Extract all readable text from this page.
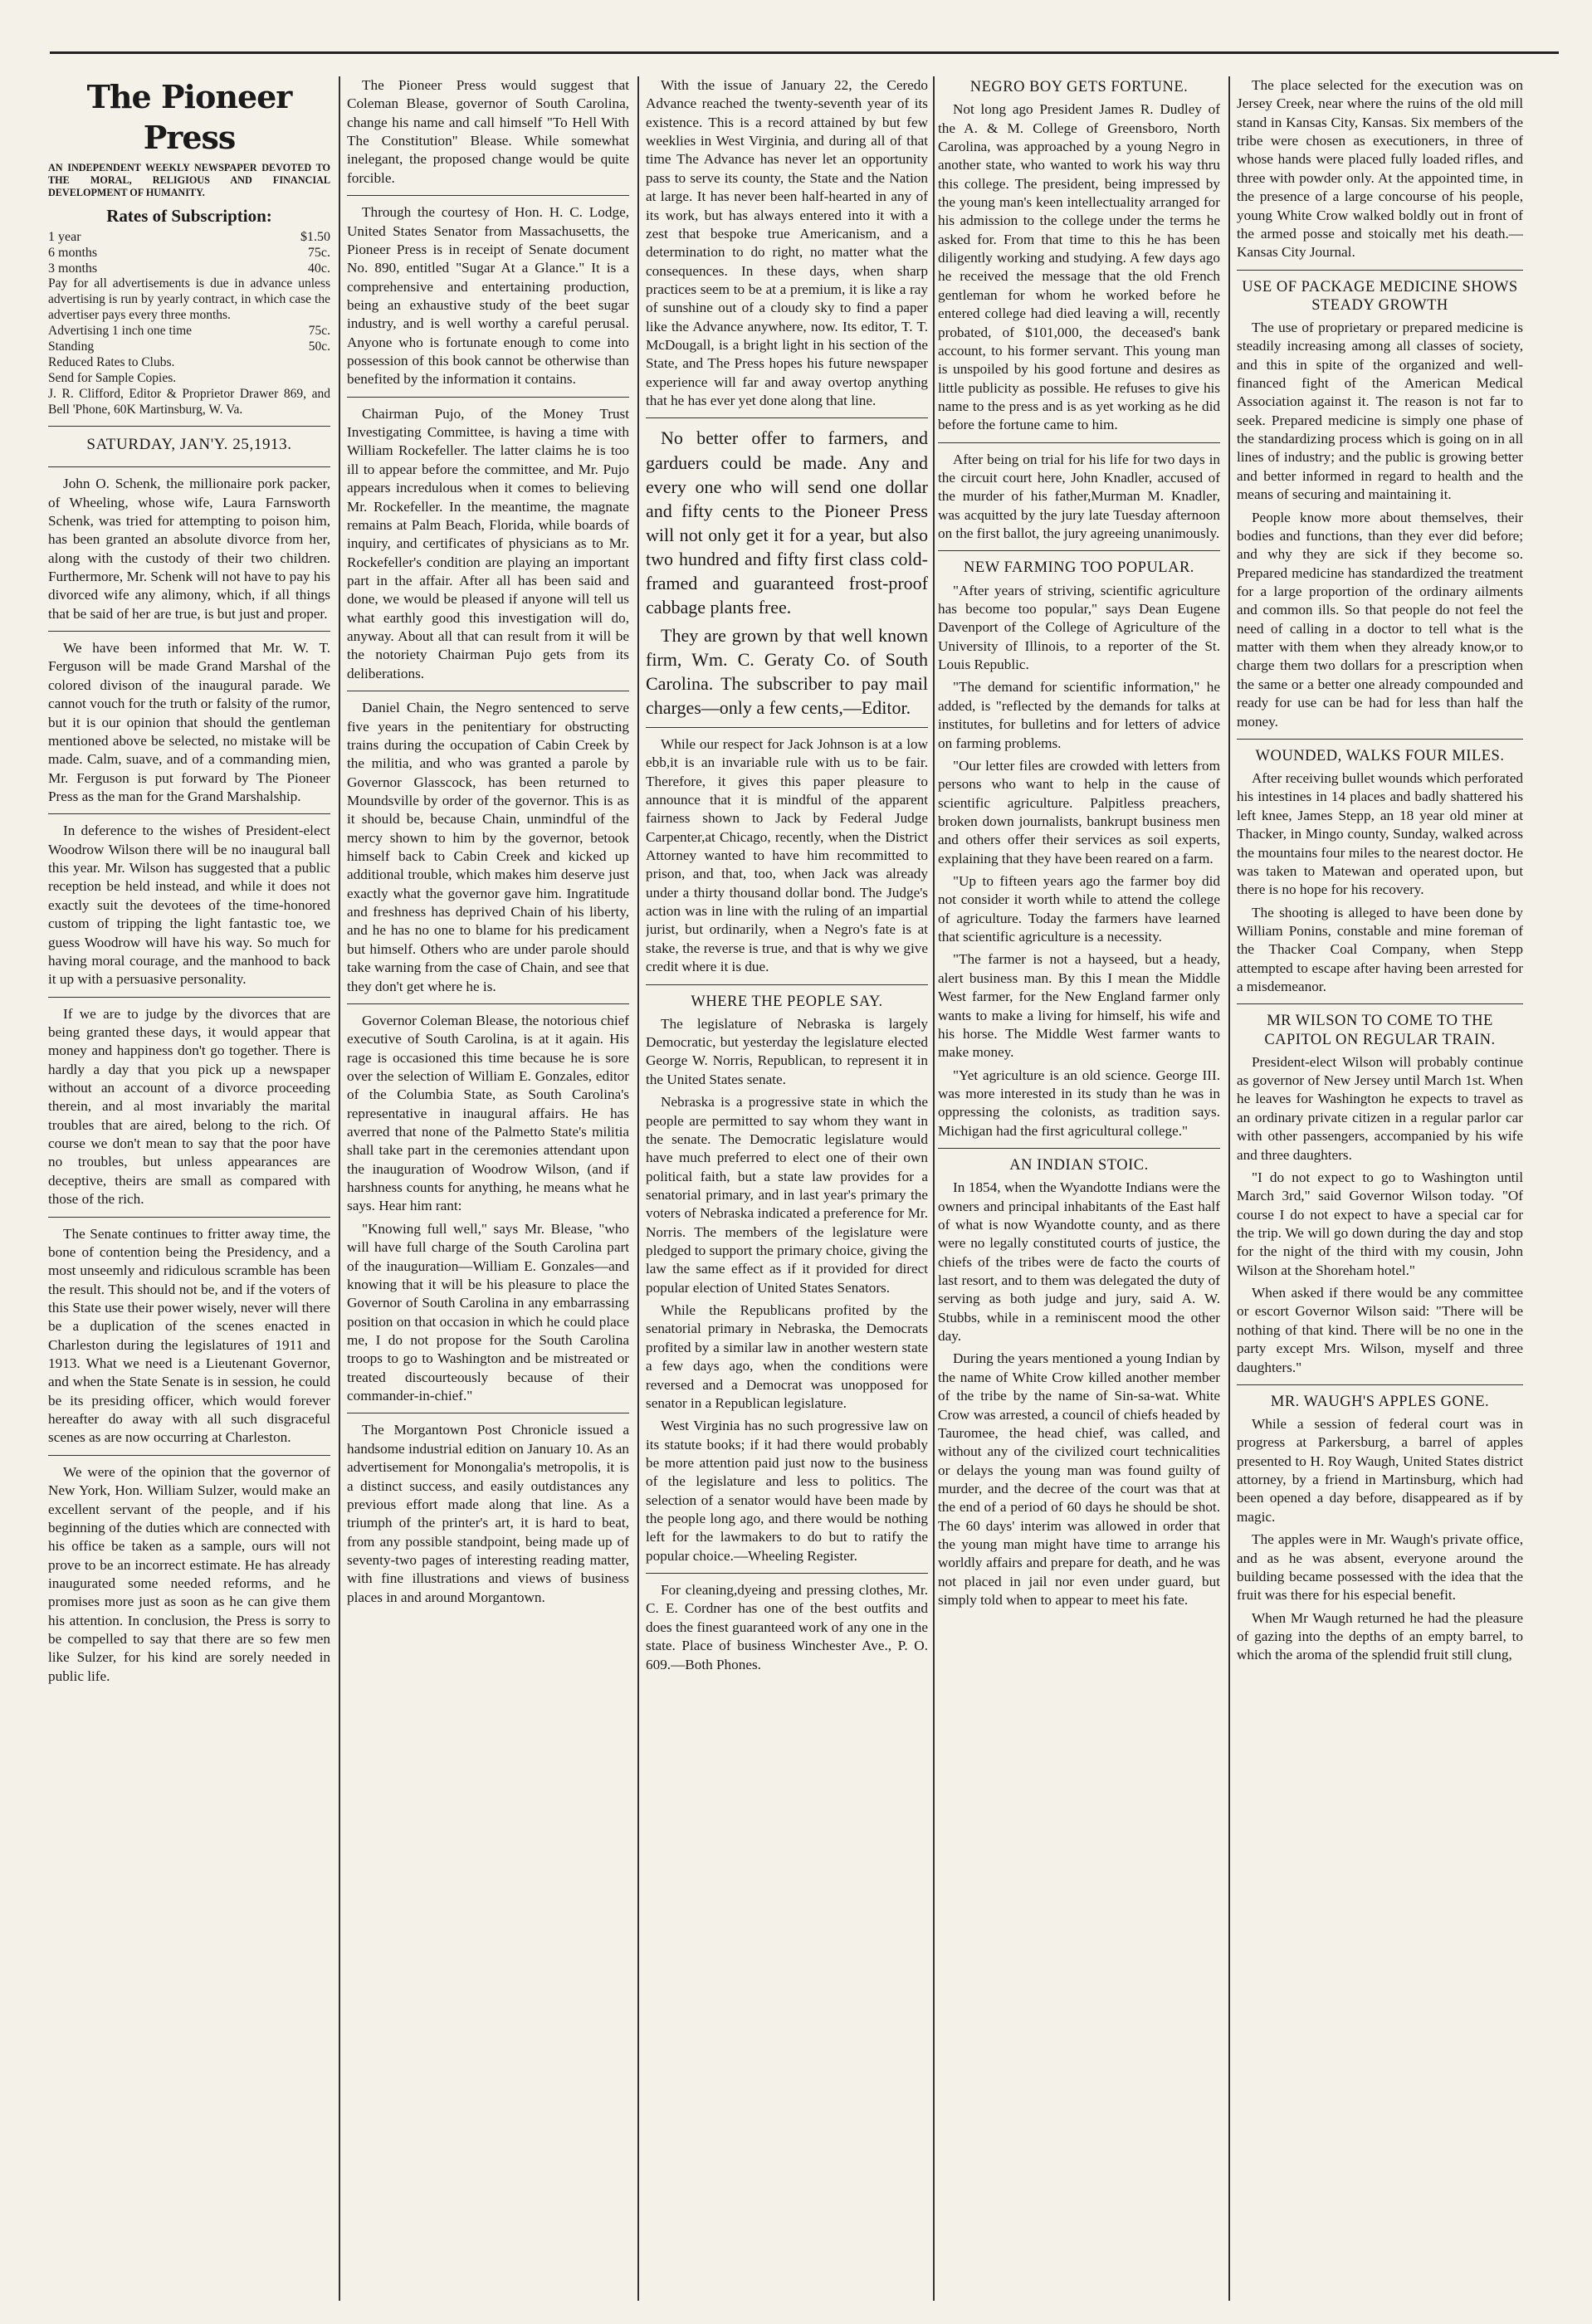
The Pioneer Press
AN INDEPENDENT WEEKLY NEWSPAPER DEVOTED TO THE MORAL, RELIGIOUS AND FINANCIAL DEVELOPMENT OF HUMANITY.
Rates of Subscription:
1 year	$1.50
6 months	75c.
3 months	40c.
Pay for all advertisements is due in advance unless advertising is run by yearly contract, in which case the advertiser pays every three months.
Advertising 1 inch one time	75c.
Standing	50c.
Reduced Rates to Clubs.
Send for Sample Copies.
J. R. Clifford, Editor & Proprietor Drawer 869, and Bell 'Phone, 60K Martinsburg, W. Va.
SATURDAY, JAN'Y. 25,1913.

John O. Schenk, the millionaire pork packer, of Wheeling, whose wife, Laura Farnsworth Schenk, was tried for attempting to poison him, has been granted an absolute divorce from her, along with the custody of their two children. Furthermore, Mr. Schenk will not have to pay his divorced wife any alimony, which, if all things that be said of her are true, is but just and proper.

We have been informed that Mr. W. T. Ferguson will be made Grand Marshal of the colored divison of the inaugural parade. We cannot vouch for the truth or falsity of the rumor, but it is our opinion that should the gentleman mentioned above be selected, no mistake will be made. Calm, suave, and of a commanding mien, Mr. Ferguson is put forward by The Pioneer Press as the man for the Grand Marshalship.

In deference to the wishes of President-elect Woodrow Wilson there will be no inaugural ball this year. Mr. Wilson has suggested that a public reception be held instead, and while it does not exactly suit the devotees of the time-honored custom of tripping the light fantastic toe, we guess Woodrow will have his way. So much for having moral courage, and the manhood to back it up with a persuasive personality.

If we are to judge by the divorces that are being granted these days, it would appear that money and happiness don't go together. There is hardly a day that you pick up a newspaper without an account of a divorce proceeding therein, and al most invariably the marital troubles that are aired, belong to the rich. Of course we don't mean to say that the poor have no troubles, but unless appearances are deceptive, theirs are small as compared with those of the rich.

The Senate continues to fritter away time, the bone of contention being the Presidency, and a most unseemly and ridiculous scramble has been the result. This should not be, and if the voters of this State use their power wisely, never will there be a duplication of the scenes enacted in Charleston during the legislatures of 1911 and 1913. What we need is a Lieutenant Governor, and when the State Senate is in session, he could be its presiding officer, which would forever hereafter do away with all such disgraceful scenes as are now occurring at Charleston.

We were of the opinion that the governor of New York, Hon. William Sulzer, would make an excellent servant of the people, and if his beginning of the duties which are connected with his office be taken as a sample, ours will not prove to be an incorrect estimate. He has already inaugurated some needed reforms, and he promises more just as soon as he can give them his attention. In conclusion, the Press is sorry to be compelled to say that there are so few men like Sulzer, for his kind are sorely needed in public life.

The Pioneer Press would suggest that Coleman Blease, governor of South Carolina, change his name and call himself "To Hell With The Constitution" Blease. While somewhat inelegant, the proposed change would be quite forcible.

Through the courtesy of Hon. H. C. Lodge, United States Senator from Massachusetts, the Pioneer Press is in receipt of Senate document No. 890, entitled "Sugar At a Glance." It is a comprehensive and entertaining production, being an exhaustive study of the beet sugar industry, and is well worthy a careful perusal. Anyone who is fortunate enough to come into possession of this book cannot be otherwise than benefited by the information it contains.

Chairman Pujo, of the Money Trust Investigating Committee, is having a time with William Rockefeller. The latter claims he is too ill to appear before the committee, and Mr. Pujo appears incredulous when it comes to believing Mr. Rockefeller. In the meantime, the magnate remains at Palm Beach, Florida, while boards of inquiry, and certificates of physicians as to Mr. Rockefeller's condition are playing an important part in the affair. After all has been said and done, we would be pleased if anyone will tell us what earthly good this investigation will do, anyway. About all that can result from it will be the notoriety Chairman Pujo gets from its deliberations.

Daniel Chain, the Negro sentenced to serve five years in the penitentiary for obstructing trains during the occupation of Cabin Creek by the militia, and who was granted a parole by Governor Glasscock, has been returned to Moundsville by order of the governor. This is as it should be, because Chain, unmindful of the mercy shown to him by the governor, betook himself back to Cabin Creek and kicked up additional trouble, which makes him deserve just exactly what the governor gave him. Ingratitude and freshness has deprived Chain of his liberty, and he has no one to blame for his predicament but himself. Others who are under parole should take warning from the case of Chain, and see that they don't get where he is.

Governor Coleman Blease, the notorious chief executive of South Carolina, is at it again. His rage is occasioned this time because he is sore over the selection of William E. Gonzales, editor of the Columbia State, as South Carolina's representative in inaugural affairs. He has averred that none of the Palmetto State's militia shall take part in the ceremonies attendant upon the inauguration of Woodrow Wilson, (and if harshness counts for anything, he means what he says. Hear him rant:

"Knowing full well," says Mr. Blease, "who will have full charge of the South Carolina part of the inauguration—William E. Gonzales—and knowing that it will be his pleasure to place the Governor of South Carolina in any embarrassing position on that occasion in which he could place me, I do not propose for the South Carolina troops to go to Washington and be mistreated or treated discourteously because of their commander-in-chief."

The Morgantown Post Chronicle issued a handsome industrial edition on January 10. As an advertisement for Monongalia's metropolis, it is a distinct success, and easily outdistances any previous effort made along that line. As a triumph of the printer's art, it is hard to beat, from any possible standpoint, being made up of seventy-two pages of interesting reading matter, with fine illustrations and views of business places in and around Morgantown.

With the issue of January 22, the Ceredo Advance reached the twenty-seventh year of its existence. This is a record attained by but few weeklies in West Virginia, and during all of that time The Advance has never let an opportunity pass to serve its county, the State and the Nation at large. It has never been half-hearted in any of its work, but has always entered into it with a zest that bespoke true Americanism, and a determination to do right, no matter what the consequences. In these days, when sharp practices seem to be at a premium, it is like a ray of sunshine out of a cloudy sky to find a paper like the Advance anywhere, now. Its editor, T. T. McDougall, is a bright light in his section of the State, and The Press hopes his future newspaper experience will far and away overtop anything that he has ever yet done along that line.

No better offer to farmers, and garduers could be made. Any and every one who will send one dollar and fifty cents to the Pioneer Press will not only get it for a year, but also two hundred and fifty first class cold-framed and guaranteed frost-proof cabbage plants free.

They are grown by that well known firm, Wm. C. Geraty Co. of South Carolina. The subscriber to pay mail charges—only a few cents,—Editor.

While our respect for Jack Johnson is at a low ebb,it is an invariable rule with us to be fair. Therefore, it gives this paper pleasure to announce that it is mindful of the apparent fairness shown to Jack by Federal Judge Carpenter,at Chicago, recently, when the District Attorney wanted to have him recommitted to prison, and that, too, when Jack was already under a thirty thousand dollar bond. The Judge's action was in line with the ruling of an impartial jurist, but ordinarily, when a Negro's fate is at stake, the reverse is true, and that is why we give credit where it is due.

WHERE THE PEOPLE SAY.

The legislature of Nebraska is largely Democratic, but yesterday the legislature elected George W. Norris, Republican, to represent it in the United States senate.

Nebraska is a progressive state in which the people are permitted to say whom they want in the senate. The Democratic legislature would have much preferred to elect one of their own political faith, but a state law provides for a senatorial primary, and in last year's primary the voters of Nebraska indicated a preference for Mr. Norris. The members of the legislature were pledged to support the primary choice, giving the law the same effect as if it provided for direct popular election of United States Senators.

While the Republicans profited by the senatorial primary in Nebraska, the Democrats profited by a similar law in another western state a few days ago, when the conditions were reversed and a Democrat was unopposed for senator in a Republican legislature.

West Virginia has no such progressive law on its statute books; if it had there would probably be more attention paid just now to the business of the legislature and less to politics. The selection of a senator would have been made by the people long ago, and there would be nothing left for the lawmakers to do but to ratify the popular choice.—Wheeling Register.

For cleaning,dyeing and pressing clothes, Mr. C. E. Cordner has one of the best outfits and does the finest guaranteed work of any one in the state. Place of business Winchester Ave., P. O. 609.—Both Phones.

NEGRO BOY GETS FORTUNE.

Not long ago President James R. Dudley of the A. & M. College of Greensboro, North Carolina, was approached by a young Negro in another state, who wanted to work his way thru this college. The president, being impressed by the young man's keen intellectuality arranged for his admission to the college under the terms he asked for. From that time to this he has been diligently working and studying. A few days ago he received the message that the old French gentleman for whom he worked before he entered college had died leaving a will, recently probated, of $101,000, the deceased's bank account, to his former servant. This young man is unspoiled by his good fortune and desires as little publicity as possible. He refuses to give his name to the press and is as yet working as he did before the fortune came to him.

After being on trial for his life for two days in the circuit court here, John Knadler, accused of the murder of his father,Murman M. Knadler, was acquitted by the jury late Tuesday afternoon on the first ballot, the jury agreeing unanimously.

NEW FARMING TOO POPULAR.

"After years of striving, scientific agriculture has become too popular," says Dean Eugene Davenport of the College of Agriculture of the University of Illinois, to a reporter of the St. Louis Republic.

"The demand for scientific information," he added, is "reflected by the demands for talks at institutes, for bulletins and for letters of advice on farming problems.

"Our letter files are crowded with letters from persons who want to help in the cause of scientific agriculture. Palpitless preachers, broken down journalists, bankrupt business men and others offer their services as soil experts, explaining that they have been reared on a farm.

"Up to fifteen years ago the farmer boy did not consider it worth while to attend the college of agriculture. Today the farmers have learned that scientific agriculture is a necessity.

"The farmer is not a hayseed, but a heady, alert business man. By this I mean the Middle West farmer, for the New England farmer only wants to make a living for himself, his wife and his horse. The Middle West farmer wants to make money.

"Yet agriculture is an old science. George III. was more interested in its study than he was in oppressing the colonists, as tradition says. Michigan had the first agricultural college."

AN INDIAN STOIC.

In 1854, when the Wyandotte Indians were the owners and principal inhabitants of the East half of what is now Wyandotte county, and as there were no legally constituted courts of justice, the chiefs of the tribes were de facto the courts of last resort, and to them was delegated the duty of serving as both judge and jury, said A. W. Stubbs, while in a reminiscent mood the other day.

During the years mentioned a young Indian by the name of White Crow killed another member of the tribe by the name of Sin-sa-wat. White Crow was arrested, a council of chiefs headed by Tauromee, the head chief, was called, and without any of the civilized court technicalities or delays the young man was found guilty of murder, and the decree of the court was that at the end of a period of 60 days he should be shot. The 60 days' interim was allowed in order that the young man might have time to arrange his worldly affairs and prepare for death, and he was not placed in jail nor even under guard, but simply told when to appear to meet his fate.

The place selected for the execution was on Jersey Creek, near where the ruins of the old mill stand in Kansas City, Kansas. Six members of the tribe were chosen as executioners, in three of whose hands were placed fully loaded rifles, and three with powder only. At the appointed time, in the presence of a large concourse of his people, young White Crow walked boldly out in front of the armed posse and stoically met his death.—Kansas City Journal.

USE OF PACKAGE MEDICINE SHOWS STEADY GROWTH

The use of proprietary or prepared medicine is steadily increasing among all classes of society, and this in spite of the organized and well-financed fight of the American Medical Association against it. The reason is not far to seek. Prepared medicine is simply one phase of the standardizing process which is going on in all lines of industry; and the public is growing better and better informed in regard to health and the means of securing and maintaining it.

People know more about themselves, their bodies and functions, than they ever did before; and why they are sick if they become so. Prepared medicine has standardized the treatment for a large proportion of the ordinary ailments and common ills. So that people do not feel the need of calling in a doctor to tell what is the matter with them when they already know,or to charge them two dollars for a prescription when the same or a better one already compounded and ready for use can be had for less than half the money.

WOUNDED, WALKS FOUR MILES.

After receiving bullet wounds which perforated his intestines in 14 places and badly shattered his left knee, James Stepp, an 18 year old miner at Thacker, in Mingo county, Sunday, walked across the mountains four miles to the nearest doctor. He was taken to Matewan and operated upon, but there is no hope for his recovery.

The shooting is alleged to have been done by William Ponins, constable and mine foreman of the Thacker Coal Company, when Stepp attempted to escape after having been arrested for a misdemeanor.

MR WILSON TO COME TO THE CAPITOL ON REGULAR TRAIN.

President-elect Wilson will probably continue as governor of New Jersey until March 1st. When he leaves for Washington he expects to travel as an ordinary private citizen in a regular parlor car with other passengers, accompanied by his wife and three daughters.

"I do not expect to go to Washington until March 3rd," said Governor Wilson today. "Of course I do not expect to have a special car for the trip. We will go down during the day and stop for the night of the third with my cousin, John Wilson at the Shoreham hotel."

When asked if there would be any committee or escort Governor Wilson said: "There will be nothing of that kind. There will be no one in the party except Mrs. Wilson, myself and three daughters."

MR. WAUGH'S APPLES GONE.

While a session of federal court was in progress at Parkersburg, a barrel of apples presented to H. Roy Waugh, United States district attorney, by a friend in Martinsburg, which had been opened a day before, disappeared as if by magic.

The apples were in Mr. Waugh's private office, and as he was absent, everyone around the building became possessed with the idea that the fruit was there for his especial benefit.

When Mr Waugh returned he had the pleasure of gazing into the depths of an empty barrel, to which the aroma of the splendid fruit still clung,
